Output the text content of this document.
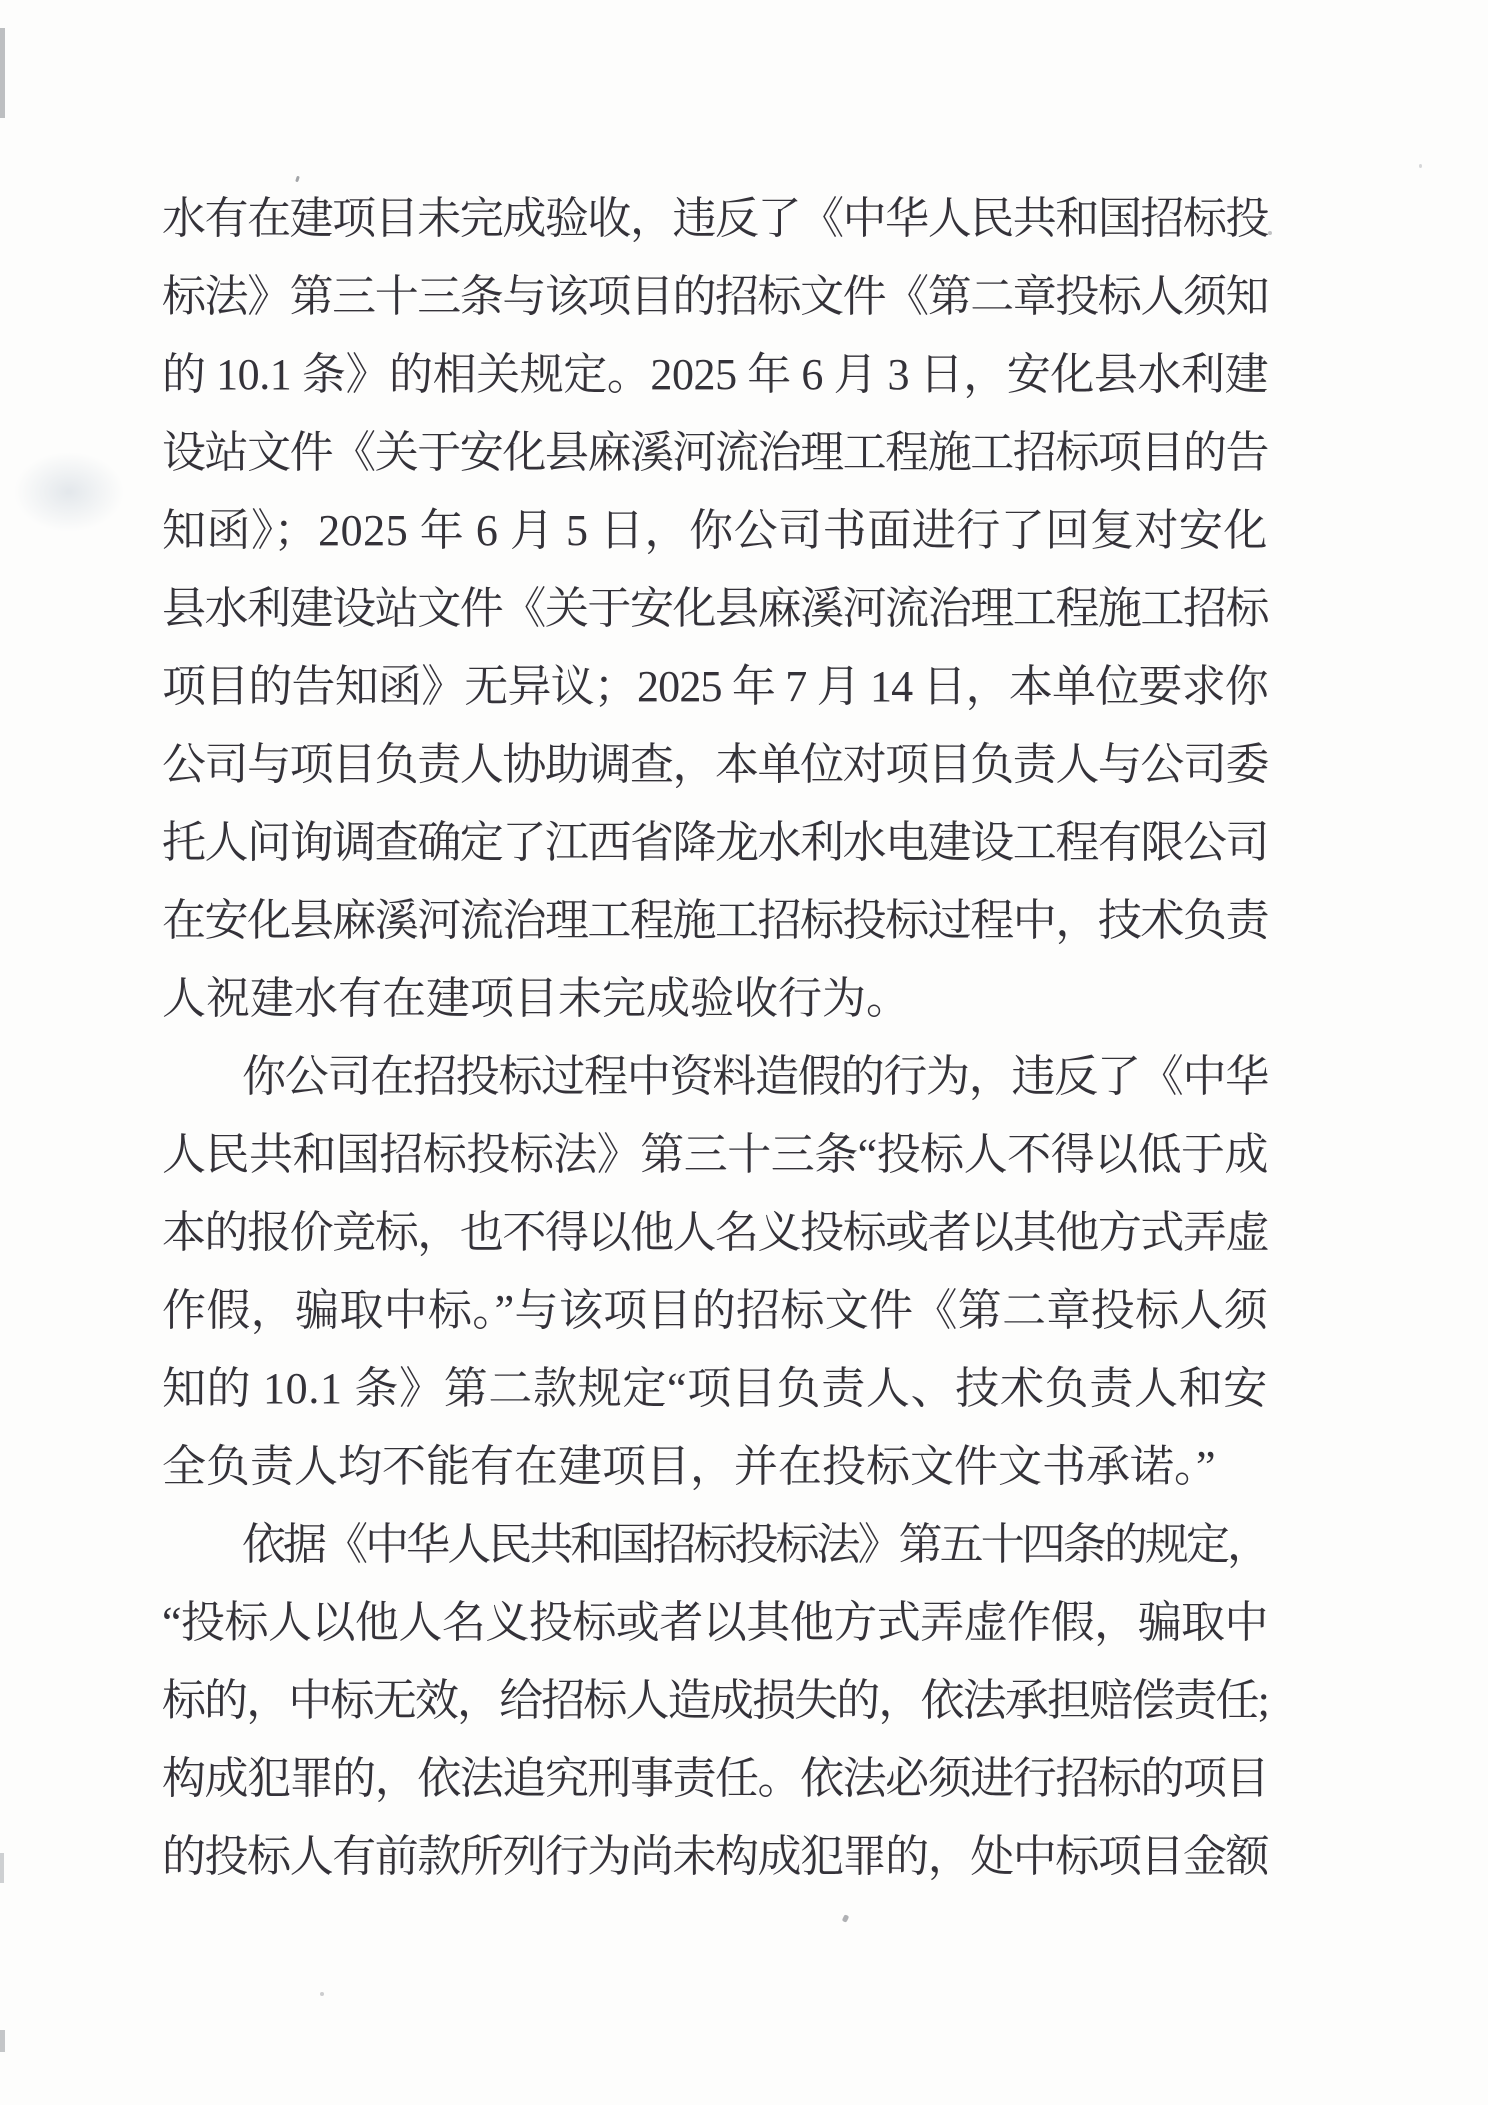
水有在建项目未完成验收，违反了《中华人民共和国招标投
标法》第三十三条与该项目的招标文件《第二章投标人须知
的 10.1 条》的相关规定。2025 年 6 月 3 日，安化县水利建
设站文件《关于安化县麻溪河流治理工程施工招标项目的告
知函》；2025 年 6 月 5 日，你公司书面进行了回复对安化
县水利建设站文件《关于安化县麻溪河流治理工程施工招标
项目的告知函》无异议；2025 年 7 月 14 日，本单位要求你
公司与项目负责人协助调查，本单位对项目负责人与公司委
托人问询调查确定了江西省降龙水利水电建设工程有限公司
在安化县麻溪河流治理工程施工招标投标过程中，技术负责
人祝建水有在建项目未完成验收行为。
你公司在招投标过程中资料造假的行为，违反了《中华
人民共和国招标投标法》第三十三条“投标人不得以低于成
本的报价竞标，也不得以他人名义投标或者以其他方式弄虚
作假，骗取中标。”与该项目的招标文件《第二章投标人须
知的 10.1 条》第二款规定“项目负责人、技术负责人和安
全负责人均不能有在建项目，并在投标文件文书承诺。”
依据《中华人民共和国招标投标法》第五十四条的规定，
“投标人以他人名义投标或者以其他方式弄虚作假，骗取中
标的，中标无效，给招标人造成损失的，依法承担赔偿责任;
构成犯罪的，依法追究刑事责任。依法必须进行招标的项目
的投标人有前款所列行为尚未构成犯罪的，处中标项目金额
